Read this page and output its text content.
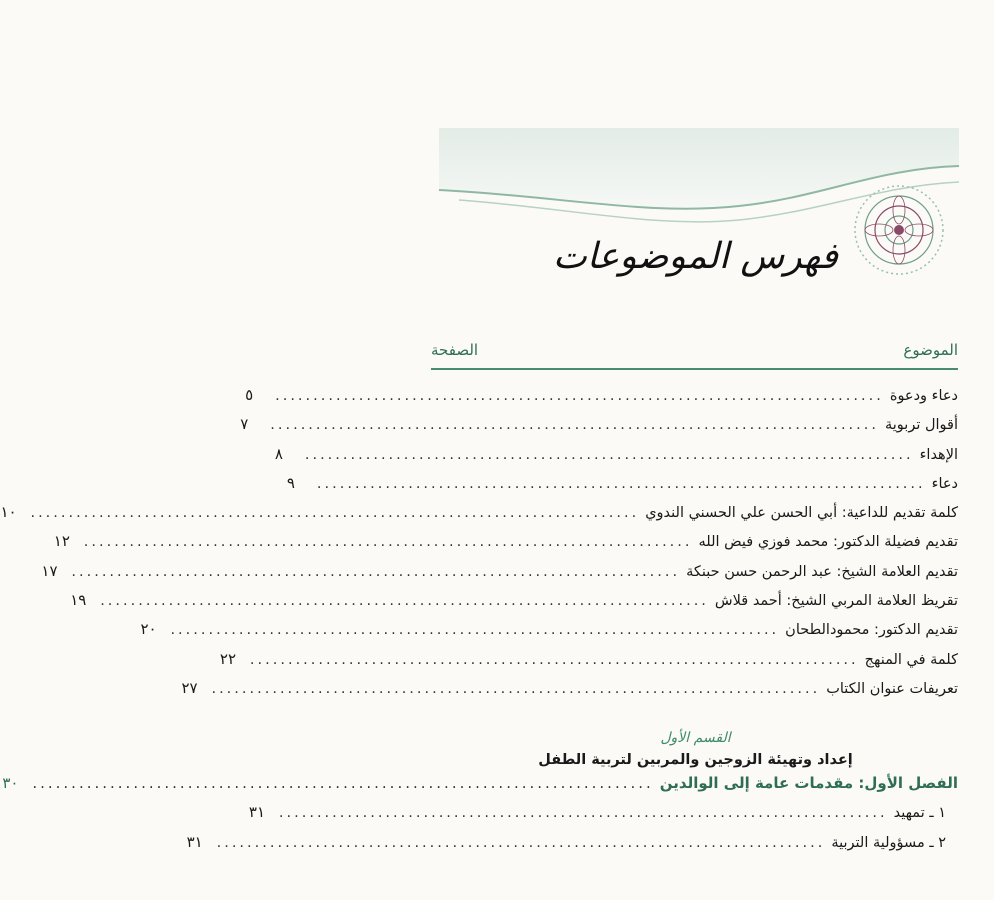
فهرس الموضوعات
الموضوع
الصفحة
دعاء ودعوة
................................................................................
٥
أقوال تربوية
................................................................................
٧
الإهداء
................................................................................
٨
دعاء
................................................................................
٩
كلمة تقديم للداعية: أبي الحسن علي الحسني الندوي
................................................................................
١٠
تقديم فضيلة الدكتور: محمد فوزي فيض الله
................................................................................
١٢
تقديم العلامة الشيخ: عبد الرحمن حسن حبنكة
................................................................................
١٧
تقريظ العلامة المربي الشيخ: أحمد قلاش
................................................................................
١٩
تقديم الدكتور: محمودالطحان
................................................................................
٢٠
كلمة في المنهج
................................................................................
٢٢
تعريفات عنوان الكتاب
................................................................................
٢٧
القسم الأول
إعداد وتهيئة الزوجين والمربين لتربية الطفل
الفصل الأول: مقدمات عامة إلى الوالدين
................................................................................
٣٠
١ ـ تمهيد
................................................................................
٣١
٢ ـ مسؤولية التربية
................................................................................
٣١
